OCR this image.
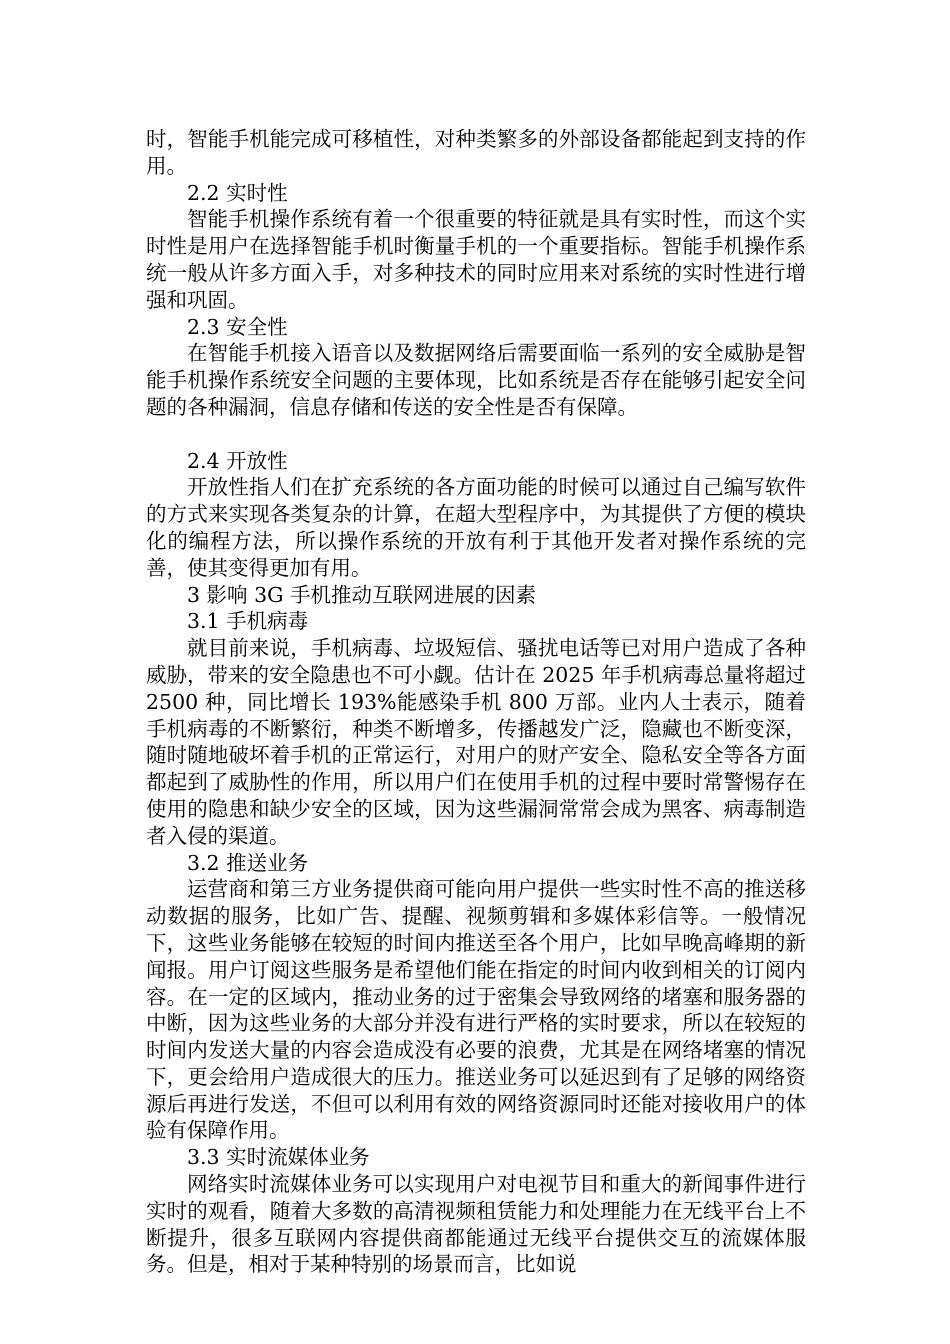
时，智能手机能完成可移植性，对种类繁多的外部设备都能起到支持的作用。

2.2 实时性

智能手机操作系统有着一个很重要的特征就是具有实时性，而这个实时性是用户在选择智能手机时衡量手机的一个重要指标。智能手机操作系统一般从许多方面入手，对多种技术的同时应用来对系统的实时性进行增强和巩固。

2.3 安全性

在智能手机接入语音以及数据网络后需要面临一系列的安全威胁是智能手机操作系统安全问题的主要体现，比如系统是否存在能够引起安全问题的各种漏洞，信息存储和传送的安全性是否有保障。

2.4 开放性

开放性指人们在扩充系统的各方面功能的时候可以通过自己编写软件的方式来实现各类复杂的计算，在超大型程序中，为其提供了方便的模块化的编程方法，所以操作系统的开放有利于其他开发者对操作系统的完善，使其变得更加有用。

3 影响 3G 手机推动互联网进展的因素

3.1 手机病毒

就目前来说，手机病毒、垃圾短信、骚扰电话等已对用户造成了各种威胁，带来的安全隐患也不可小觑。估计在 2025 年手机病毒总量将超过 2500 种，同比增长 193%能感染手机 800 万部。业内人士表示，随着手机病毒的不断繁衍，种类不断增多，传播越发广泛，隐藏也不断变深，随时随地破坏着手机的正常运行，对用户的财产安全、隐私安全等各方面都起到了威胁性的作用，所以用户们在使用手机的过程中要时常警惕存在使用的隐患和缺少安全的区域，因为这些漏洞常常会成为黑客、病毒制造者入侵的渠道。

3.2 推送业务

运营商和第三方业务提供商可能向用户提供一些实时性不高的推送移动数据的服务，比如广告、提醒、视频剪辑和多媒体彩信等。一般情况下，这些业务能够在较短的时间内推送至各个用户，比如早晚高峰期的新闻报。用户订阅这些服务是希望他们能在指定的时间内收到相关的订阅内容。在一定的区域内，推动业务的过于密集会导致网络的堵塞和服务器的中断，因为这些业务的大部分并没有进行严格的实时要求，所以在较短的时间内发送大量的内容会造成没有必要的浪费，尤其是在网络堵塞的情况下，更会给用户造成很大的压力。推送业务可以延迟到有了足够的网络资源后再进行发送，不但可以利用有效的网络资源同时还能对接收用户的体验有保障作用。

3.3 实时流媒体业务

网络实时流媒体业务可以实现用户对电视节目和重大的新闻事件进行实时的观看，随着大多数的高清视频租赁能力和处理能力在无线平台上不断提升，很多互联网内容提供商都能通过无线平台提供交互的流媒体服务。但是，相对于某种特别的场景而言，比如说
